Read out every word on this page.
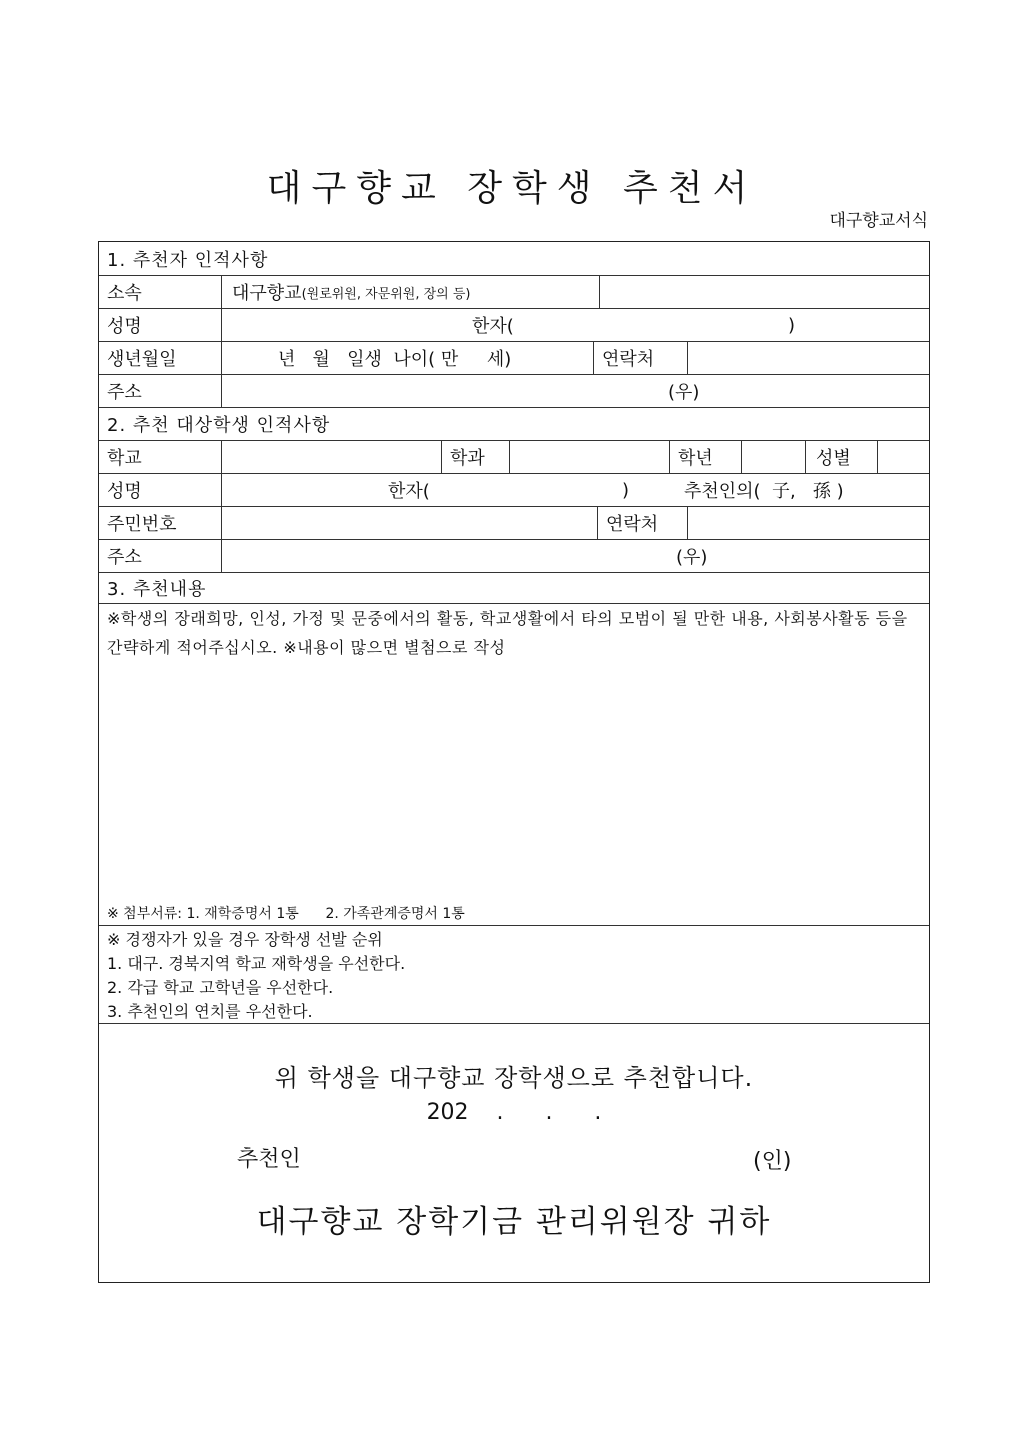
대구향교 장학생 추천서
대구향교서식
1. 추천자 인적사항
소속	대구향교 (원로위원, 자문위원, 장의 등)
성명	한자(	)
생년월일	년   월   일생  나이( 만     세)	연락처
주소	(우)
2. 추천 대상학생 인적사항
학교	학과	학년	성별
성명	한자(	)	추천인의(  子,   孫 )
주민번호	연락처
주소	(우)
3. 추천내용
※학생의 장래희망, 인성, 가정 및 문중에서의 활동, 학교생활에서 타의 모범이 될 만한 내용, 사회봉사활동 등을 간략하게 적어주십시오. ※내용이 많으면 별첨으로 작성
※ 첨부서류: 1. 재학증명서 1통      2. 가족관계증명서 1통
※ 경쟁자가 있을 경우 장학생 선발 순위
1. 대구. 경북지역 학교 재학생을 우선한다.
2. 각급 학교 고학년을 우선한다.
3. 추천인의 연치를 우선한다.
위 학생을 대구향교 장학생으로 추천합니다.
202    .      .      .
추천인	(인)
대구향교 장학기금 관리위원장 귀하
